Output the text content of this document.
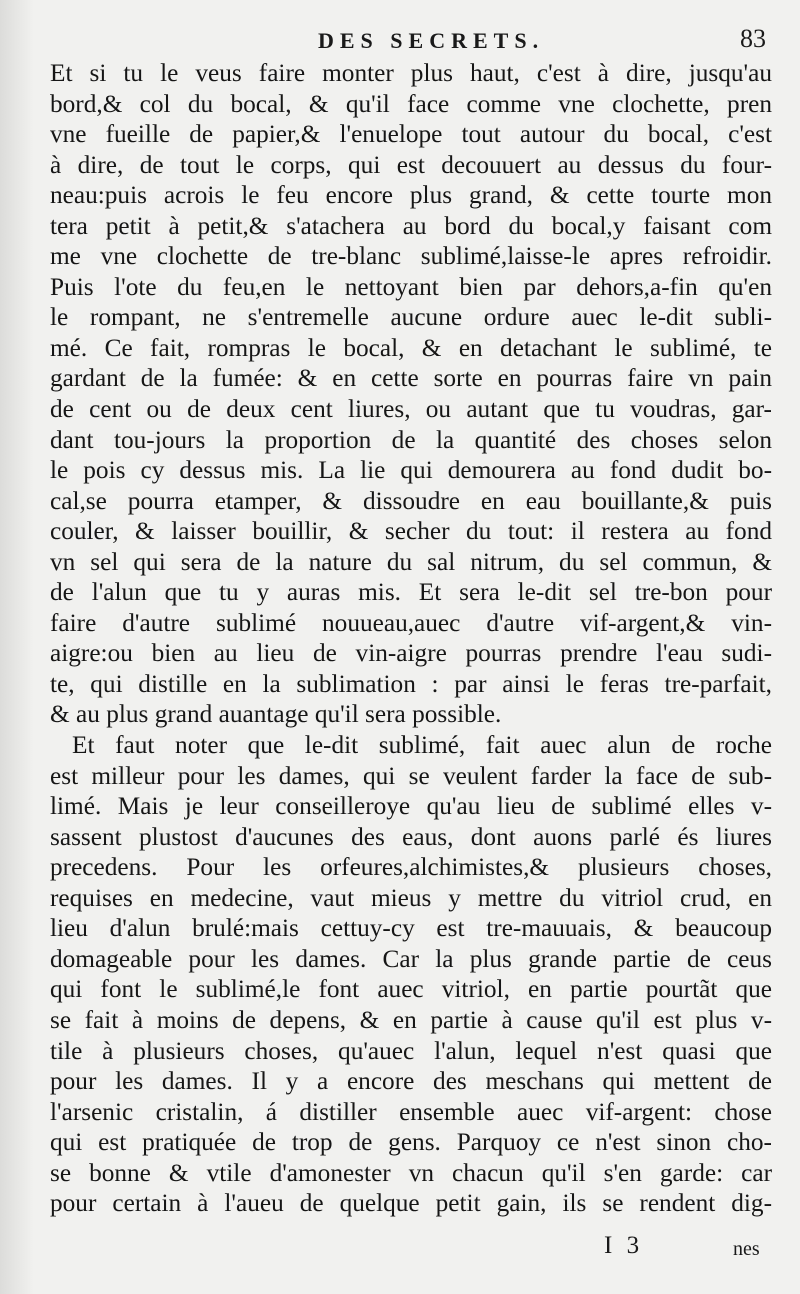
DES SECRETS.	83
Et si tu le veus faire monter plus haut, c'est à dire, jusqu'au
bord,& col du bocal, & qu'il face comme vne clochette, pren
vne fueille de papier,& l'enuelope tout autour du bocal, c'est
à dire, de tout le corps, qui est decouuert au dessus du four-
neau:puis acrois le feu encore plus grand, & cette tourte mon
tera petit à petit,& s'atachera au bord du bocal,y faisant com
me vne clochette de tre-blanc sublimé,laisse-le apres refroidir.
Puis l'ote du feu,en le nettoyant bien par dehors,a-fin qu'en
le rompant, ne s'entremelle aucune ordure auec le-dit subli-
mé. Ce fait, rompras le bocal, & en detachant le sublimé, te
gardant de la fumée: & en cette sorte en pourras faire vn pain
de cent ou de deux cent liures, ou autant que tu voudras, gar-
dant tou-jours la proportion de la quantité des choses selon
le pois cy dessus mis. La lie qui demourera au fond dudit bo-
cal,se pourra etamper, & dissoudre en eau bouillante,& puis
couler, & laisser bouillir, & secher du tout: il restera au fond
vn sel qui sera de la nature du sal nitrum, du sel commun, &
de l'alun que tu y auras mis. Et sera le-dit sel tre-bon pour
faire d'autre sublimé nouueau,auec d'autre vif-argent,& vin-
aigre:ou bien au lieu de vin-aigre pourras prendre l'eau sudi-
te, qui distille en la sublimation : par ainsi le feras tre-parfait,
& au plus grand auantage qu'il sera possible.
Et faut noter que le-dit sublimé, fait auec alun de roche
est milleur pour les dames, qui se veulent farder la face de sub-
limé. Mais je leur conseilleroye qu'au lieu de sublimé elles v-
sassent plustost d'aucunes des eaus, dont auons parlé és liures
precedens. Pour les orfeures,alchimistes,& plusieurs choses,
requises en medecine, vaut mieus y mettre du vitriol crud, en
lieu d'alun brulé:mais cettuy-cy est tre-mauuais, & beaucoup
domageable pour les dames. Car la plus grande partie de ceus
qui font le sublimé,le font auec vitriol, en partie pourtãt que
se fait à moins de depens, & en partie à cause qu'il est plus v-
tile à plusieurs choses, qu'auec l'alun, lequel n'est quasi que
pour les dames. Il y a encore des meschans qui mettent de
l'arsenic cristalin, á distiller ensemble auec vif-argent: chose
qui est pratiquée de trop de gens. Parquoy ce n'est sinon cho-
se bonne & vtile d'amonester vn chacun qu'il s'en garde: car
pour certain à l'aueu de quelque petit gain, ils se rendent dig-
I 3	nes
